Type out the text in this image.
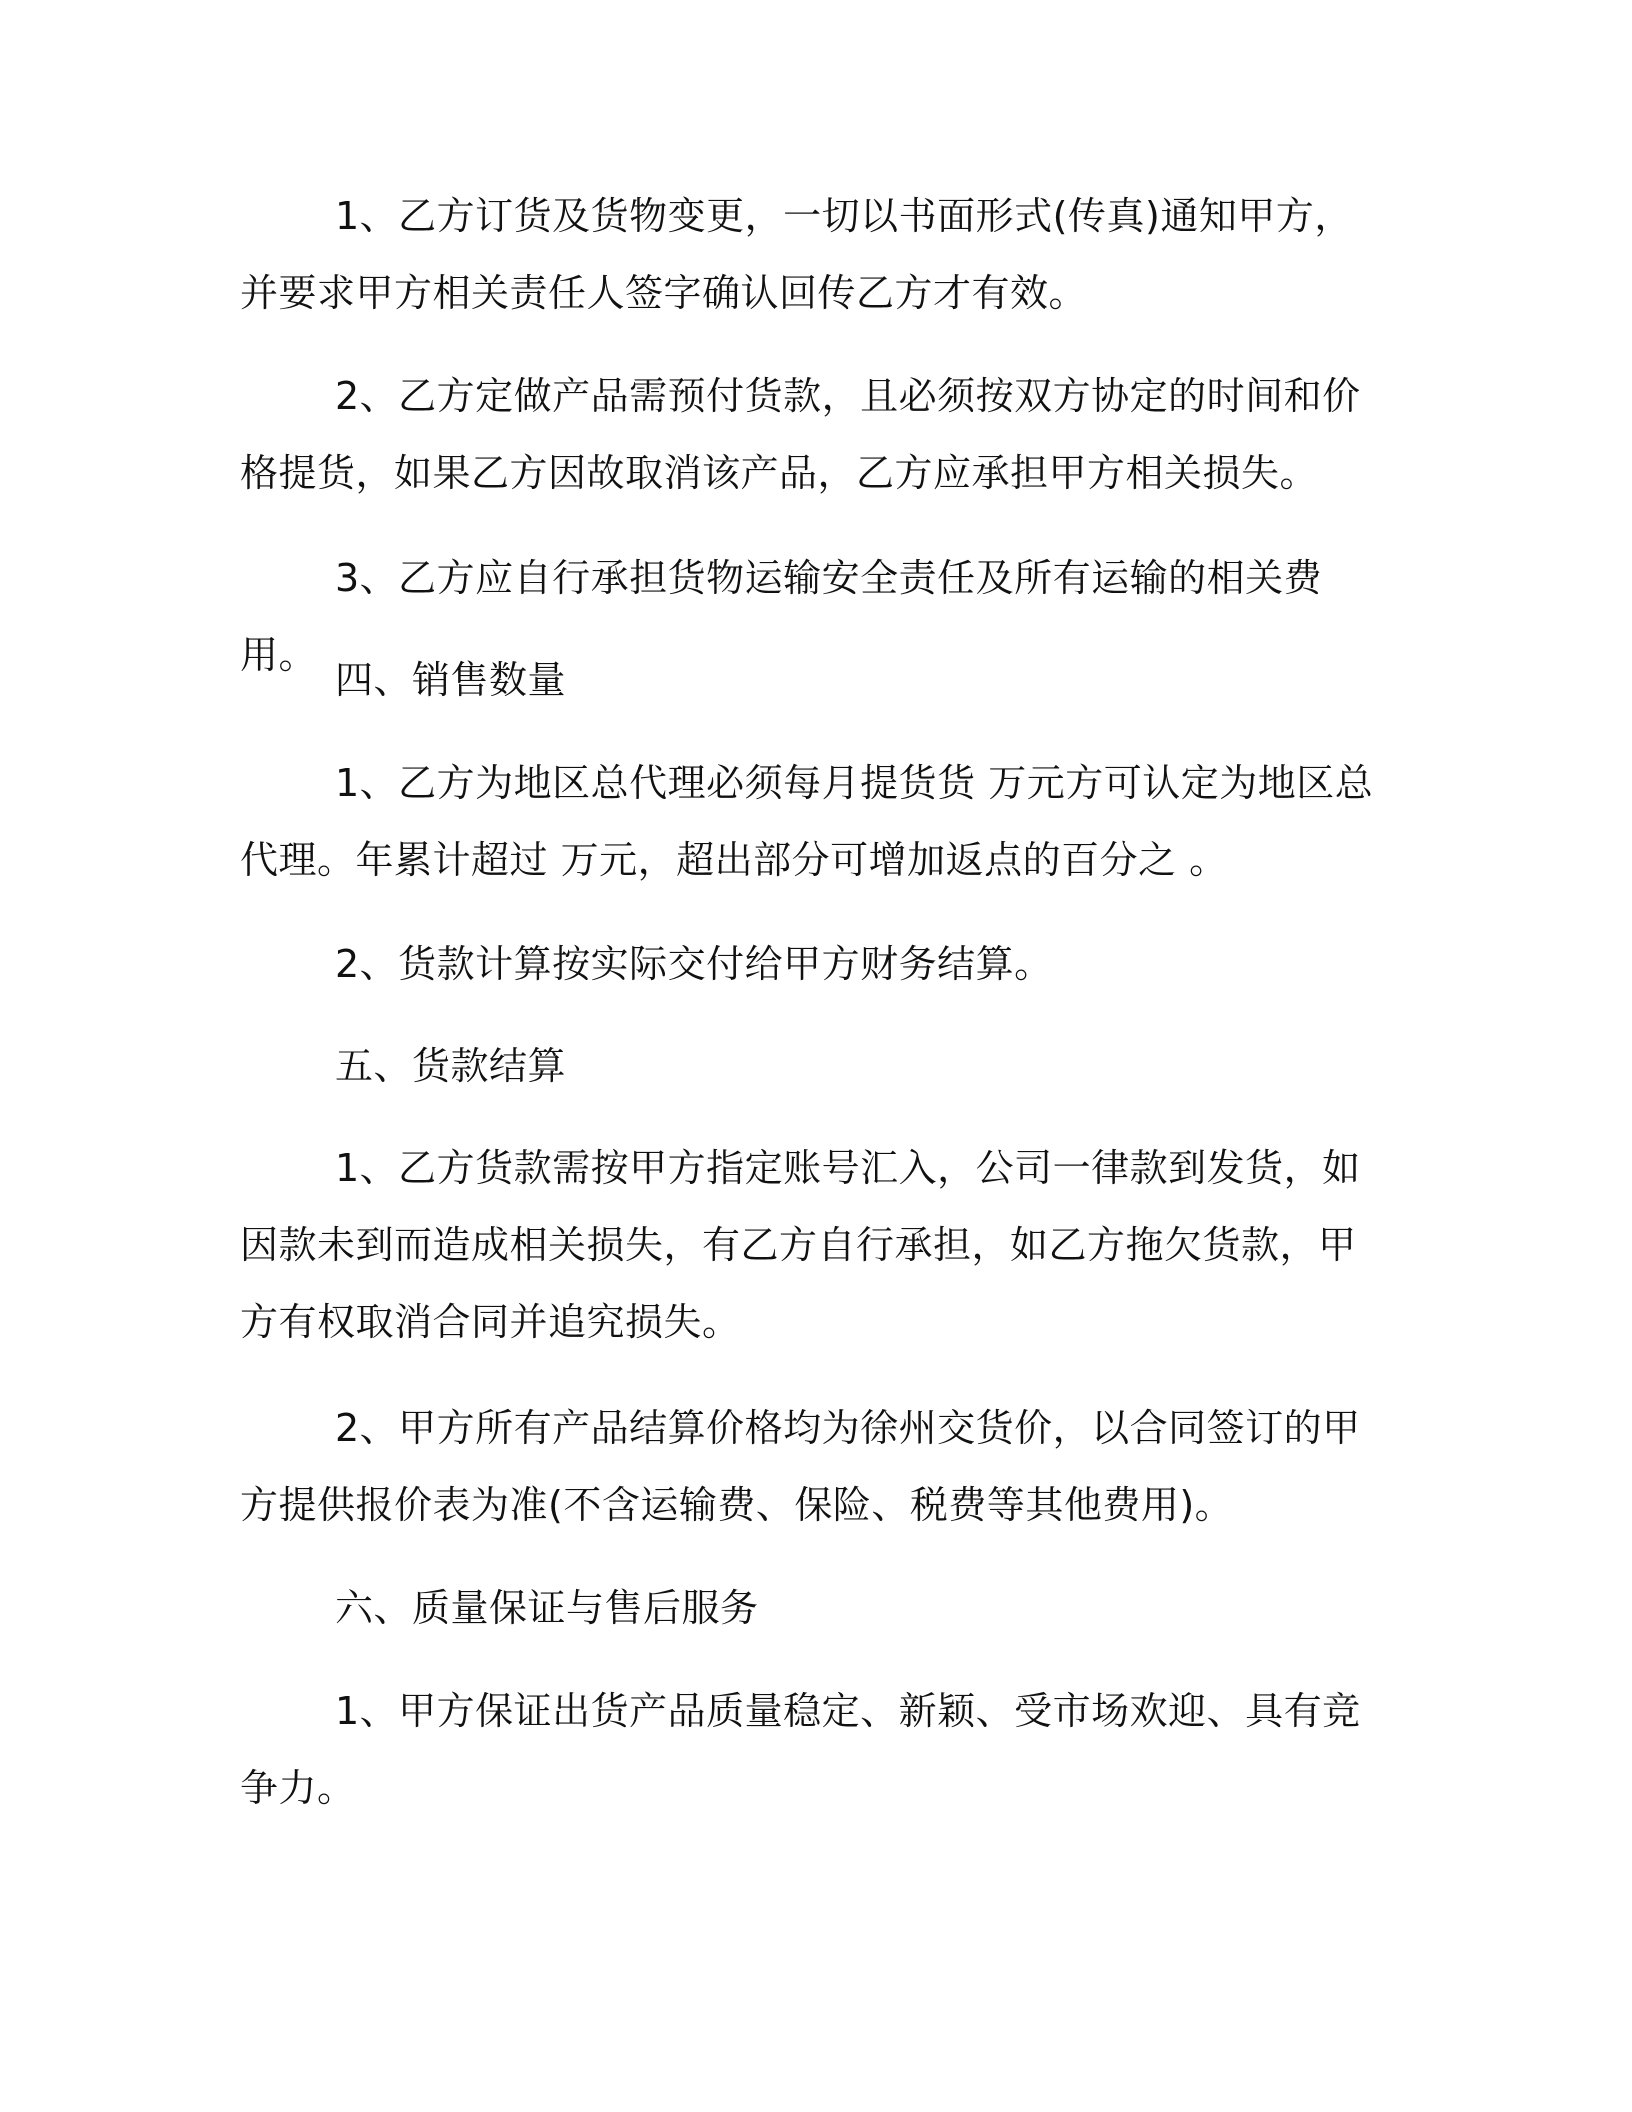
1、乙方订货及货物变更，一切以书面形式(传真)通知甲方，并要求甲方相关责任人签字确认回传乙方才有效。

2、乙方定做产品需预付货款，且必须按双方协定的时间和价格提货，如果乙方因故取消该产品，乙方应承担甲方相关损失。

3、乙方应自行承担货物运输安全责任及所有运输的相关费用。

四、销售数量

1、乙方为地区总代理必须每月提货货 万元方可认定为地区总代理。年累计超过 万元，超出部分可增加返点的百分之 。

2、货款计算按实际交付给甲方财务结算。

五、货款结算

1、乙方货款需按甲方指定账号汇入，公司一律款到发货，如因款未到而造成相关损失，有乙方自行承担，如乙方拖欠货款，甲方有权取消合同并追究损失。

2、甲方所有产品结算价格均为徐州交货价，以合同签订的甲方提供报价表为准(不含运输费、保险、税费等其他费用)。

六、质量保证与售后服务

1、甲方保证出货产品质量稳定、新颖、受市场欢迎、具有竞争力。
